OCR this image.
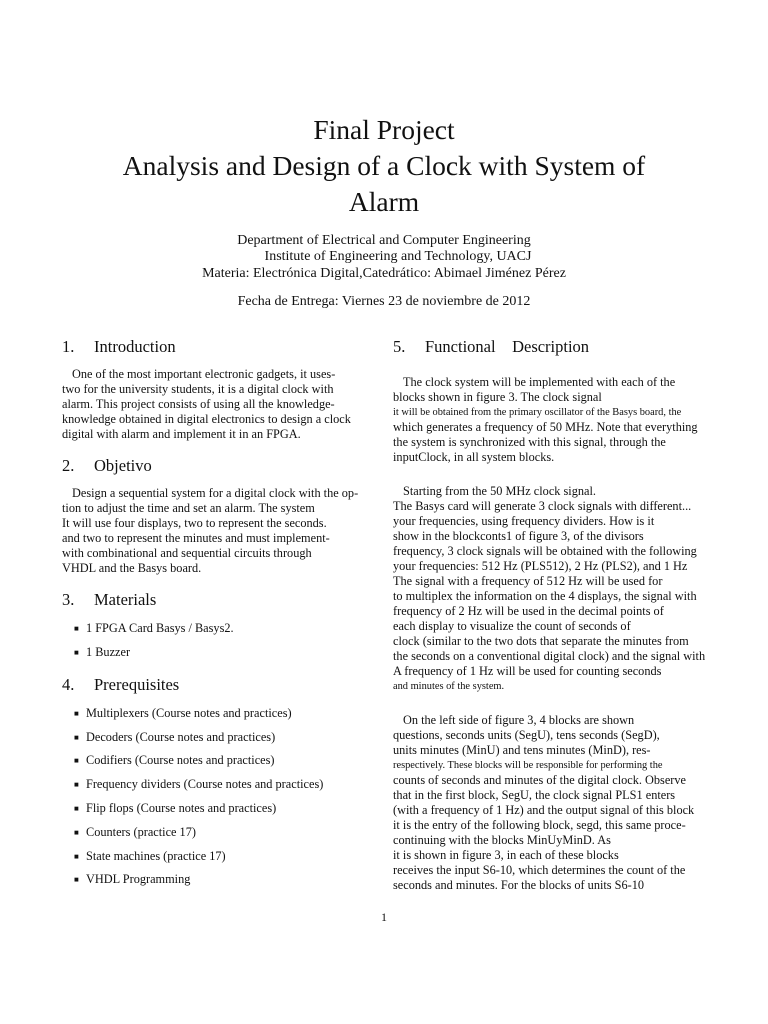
Final Project
Analysis and Design of a Clock with System of
Alarm
Department of Electrical and Computer Engineering
Institute of Engineering and Technology, UACJ
Materia: Electrónica Digital,Catedrático: Abimael Jiménez Pérez
Fecha de Entrega: Viernes 23 de noviembre de 2012
1. Introduction
One of the most important electronic gadgets, it uses-
two for the university students, it is a digital clock with
alarm. This project consists of using all the knowledge-
knowledge obtained in digital electronics to design a clock
digital with alarm and implement it in an FPGA.
2. Objetivo
Design a sequential system for a digital clock with the op-
tion to adjust the time and set an alarm. The system
It will use four displays, two to represent the seconds.
and two to represent the minutes and must implement-
with combinational and sequential circuits through
VHDL and the Basys board.
3. Materials
■ 1 FPGA Card Basys / Basys2.
■ 1 Buzzer
4. Prerequisites
■ Multiplexers (Course notes and practices)
■ Decoders (Course notes and practices)
■ Codifiers (Course notes and practices)
■ Frequency dividers (Course notes and practices)
■ Flip flops (Course notes and practices)
■ Counters (practice 17)
■ State machines (practice 17)
■ VHDL Programming
5. Functional    Description
The clock system will be implemented with each of the
blocks shown in figure 3. The clock signal
it will be obtained from the primary oscillator of the Basys board, the
which generates a frequency of 50 MHz. Note that everything
the system is synchronized with this signal, through the
inputClock, in all system blocks.
Starting from the 50 MHz clock signal.
The Basys card will generate 3 clock signals with different...
your frequencies, using frequency dividers. How is it
show in the blockconts1 of figure 3, of the divisors
frequency, 3 clock signals will be obtained with the following
your frequencies: 512 Hz (PLS512), 2 Hz (PLS2), and 1 Hz
The signal with a frequency of 512 Hz will be used for
to multiplex the information on the 4 displays, the signal with
frequency of 2 Hz will be used in the decimal points of
each display to visualize the count of seconds of
clock (similar to the two dots that separate the minutes from
the seconds on a conventional digital clock) and the signal with
A frequency of 1 Hz will be used for counting seconds
and minutes of the system.
On the left side of figure 3, 4 blocks are shown
questions, seconds units (SegU), tens seconds (SegD),
units minutes (MinU) and tens minutes (MinD), res-
respectively. These blocks will be responsible for performing the
counts of seconds and minutes of the digital clock. Observe
that in the first block, SegU, the clock signal PLS1 enters
(with a frequency of 1 Hz) and the output signal of this block
it is the entry of the following block, segd, this same proce-
continuing with the blocks MinUyMinD. As
it is shown in figure 3, in each of these blocks
receives the input S6-10, which determines the count of the
seconds and minutes. For the blocks of units S6-10
1
